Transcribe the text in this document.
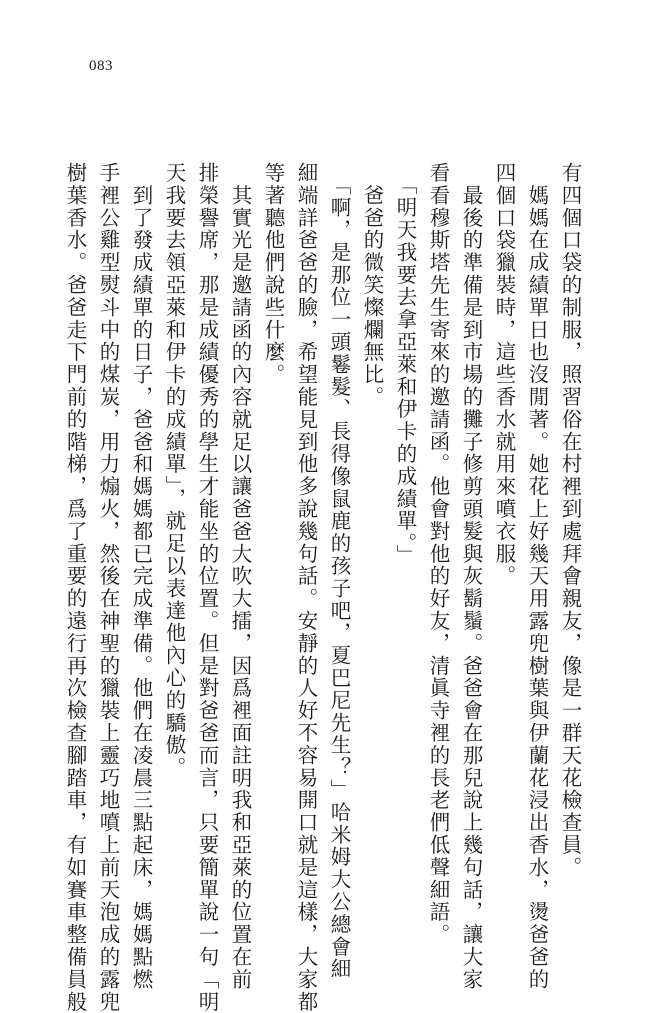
083
有四個口袋的制服，照習俗在村裡到處拜會親友，像是一群天花檢查員。
　媽媽在成績單日也沒閒著。她花上好幾天用露兜樹葉與伊蘭花浸出香水，燙爸爸的
四個口袋獵裝時，這些香水就用來噴衣服。
　最後的準備是到市場的攤子修剪頭髮與灰鬍鬚。爸爸會在那兒說上幾句話，讓大家
看看穆斯塔先生寄來的邀請函。他會對他的好友，清眞寺裡的長老們低聲細語。
　「明天我要去拿亞萊和伊卡的成績單。」
　爸爸的微笑燦爛無比。
　「啊，是那位一頭鬈髮、長得像鼠鹿的孩子吧，夏巴尼先生？」哈米姆大公總會細
細端詳爸爸的臉，希望能見到他多說幾句話。安靜的人好不容易開口就是這樣，大家都
等著聽他們說些什麼。
　其實光是邀請函的內容就足以讓爸爸大吹大擂，因爲裡面註明我和亞萊的位置在前
排榮譽席，那是成績優秀的學生才能坐的位置。但是對爸爸而言，只要簡單說一句「明
天我要去領亞萊和伊卡的成績單」，就足以表達他內心的驕傲。
　到了發成績單的日子，爸爸和媽媽都已完成準備。他們在凌晨三點起床，媽媽點燃
手裡公雞型熨斗中的煤炭，用力煽火，然後在神聖的獵裝上靈巧地噴上前天泡成的露兜
樹葉香水。爸爸走下門前的階梯，爲了重要的遠行再次檢查腳踏車，有如賽車整備員般
